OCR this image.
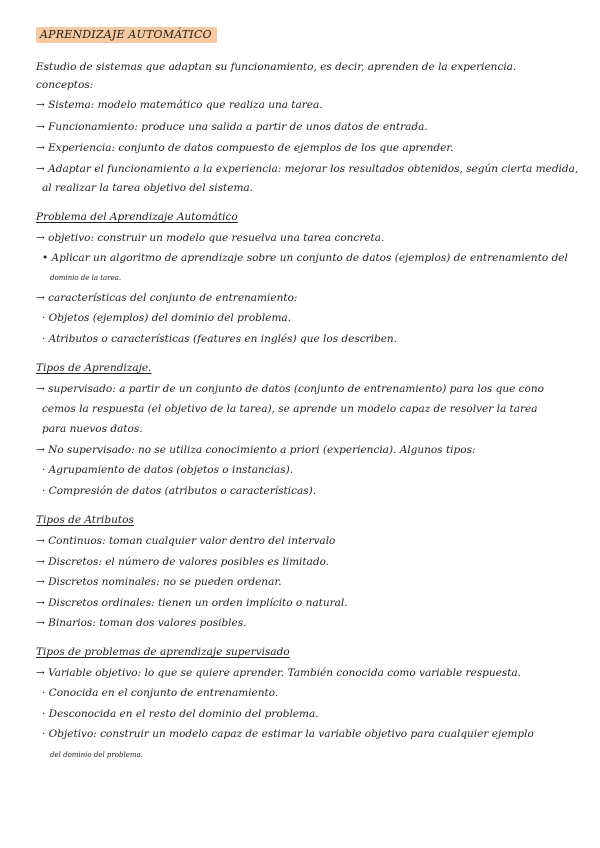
APRENDIZAJE AUTOMÁTICO
Estudio de sistemas que adaptan su funcionamiento, es decir, aprenden de la experiencia.
conceptos:
→ Sistema: modelo matemático que realiza una tarea.
→ Funcionamiento: produce una salida a partir de unos datos de entrada.
→ Experiencia: conjunto de datos compuesto de ejemplos de los que aprender.
→ Adaptar el funcionamiento a la experiencia: mejorar los resultados obtenidos, según cierta medida,
al realizar la tarea objetivo del sistema.
Problema del Aprendizaje Automático
→ objetivo: construir un modelo que resuelva una tarea concreta.
• Aplicar un algoritmo de aprendizaje sobre un conjunto de datos (ejemplos) de entrenamiento del
dominio de la tarea.
→ características del conjunto de entrenamiento:
· Objetos (ejemplos) del dominio del problema.
· Atributos o características (features en inglés) que los describen.
Tipos de Aprendizaje.
→ supervisado: a partir de un conjunto de datos (conjunto de entrenamiento) para los que cono
cemos la respuesta (el objetivo de la tarea), se aprende un modelo capaz de resolver la tarea
para nuevos datos.
→ No supervisado: no se utiliza conocimiento a priori (experiencia). Algunos tipos:
· Agrupamiento de datos (objetos o instancias).
· Compresión de datos (atributos o características).
Tipos de Atributos
→ Continuos: toman cualquier valor dentro del intervalo
→ Discretos: el número de valores posibles es limitado.
→ Discretos nominales: no se pueden ordenar.
→ Discretos ordinales: tienen un orden implícito o natural.
→ Binarios: toman dos valores posibles.
Tipos de problemas de aprendizaje supervisado
→ Variable objetivo: lo que se quiere aprender. También conocida como variable respuesta.
· Conocida en el conjunto de entrenamiento.
· Desconocida en el resto del dominio del problema.
· Objetivo: construir un modelo capaz de estimar la variable objetivo para cualquier ejemplo
del dominio del problema.
